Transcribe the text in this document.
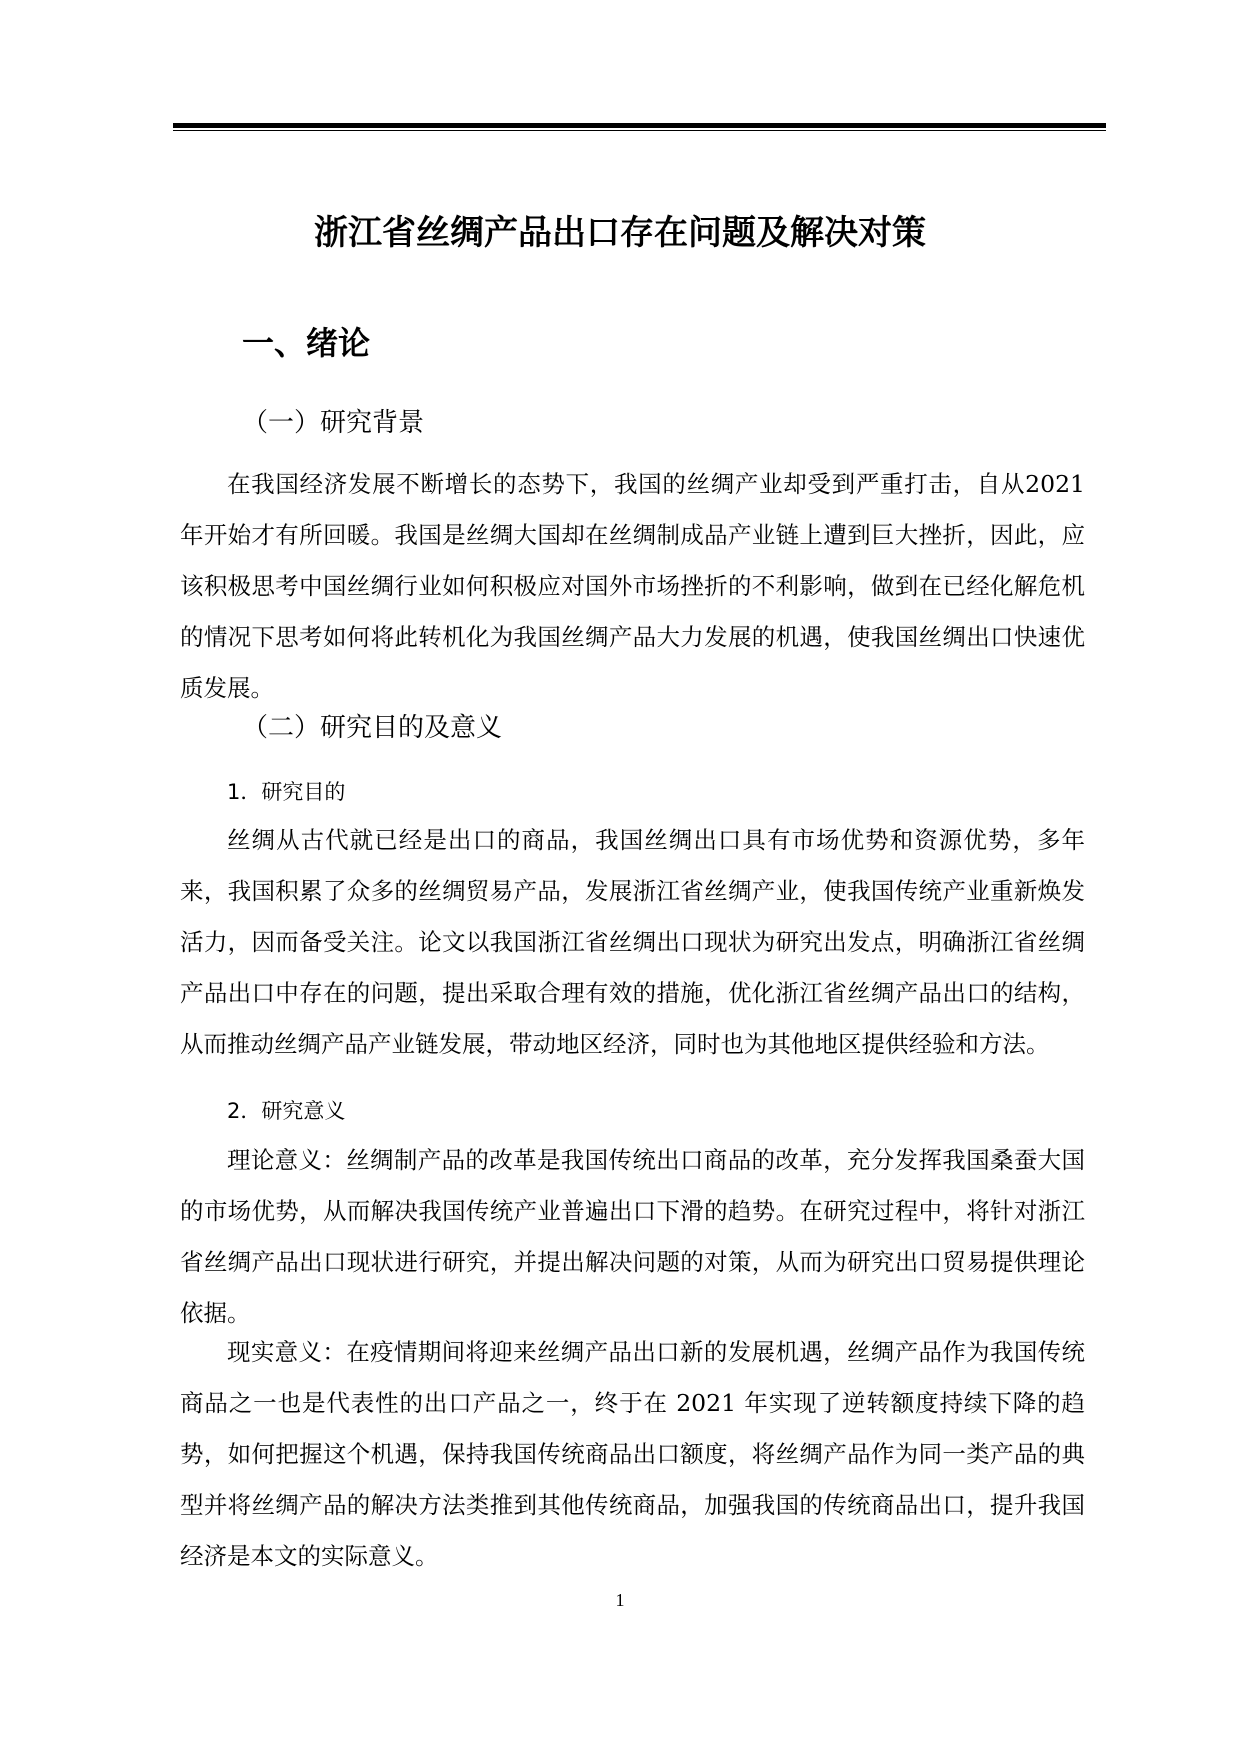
浙江省丝绸产品出口存在问题及解决对策
一、绪论
（一）研究背景
在我国经济发展不断增长的态势下，我国的丝绸产业却受到严重打击，自从2021 年开始才有所回暖。我国是丝绸大国却在丝绸制成品产业链上遭到巨大挫折，因此，应该积极思考中国丝绸行业如何积极应对国外市场挫折的不利影响，做到在已经化解危机的情况下思考如何将此转机化为我国丝绸产品大力发展的机遇，使我国丝绸出口快速优质发展。
（二）研究目的及意义
1．研究目的
丝绸从古代就已经是出口的商品，我国丝绸出口具有市场优势和资源优势，多年来，我国积累了众多的丝绸贸易产品，发展浙江省丝绸产业，使我国传统产业重新焕发活力，因而备受关注。论文以我国浙江省丝绸出口现状为研究出发点，明确浙江省丝绸产品出口中存在的问题，提出采取合理有效的措施，优化浙江省丝绸产品出口的结构，从而推动丝绸产品产业链发展，带动地区经济，同时也为其他地区提供经验和方法。
2．研究意义
理论意义：丝绸制产品的改革是我国传统出口商品的改革，充分发挥我国桑蚕大国的市场优势，从而解决我国传统产业普遍出口下滑的趋势。在研究过程中，将针对浙江省丝绸产品出口现状进行研究，并提出解决问题的对策，从而为研究出口贸易提供理论依据。
现实意义：在疫情期间将迎来丝绸产品出口新的发展机遇，丝绸产品作为我国传统商品之一也是代表性的出口产品之一，终于在 2021 年实现了逆转额度持续下降的趋势，如何把握这个机遇，保持我国传统商品出口额度，将丝绸产品作为同一类产品的典型并将丝绸产品的解决方法类推到其他传统商品，加强我国的传统商品出口，提升我国经济是本文的实际意义。
1
